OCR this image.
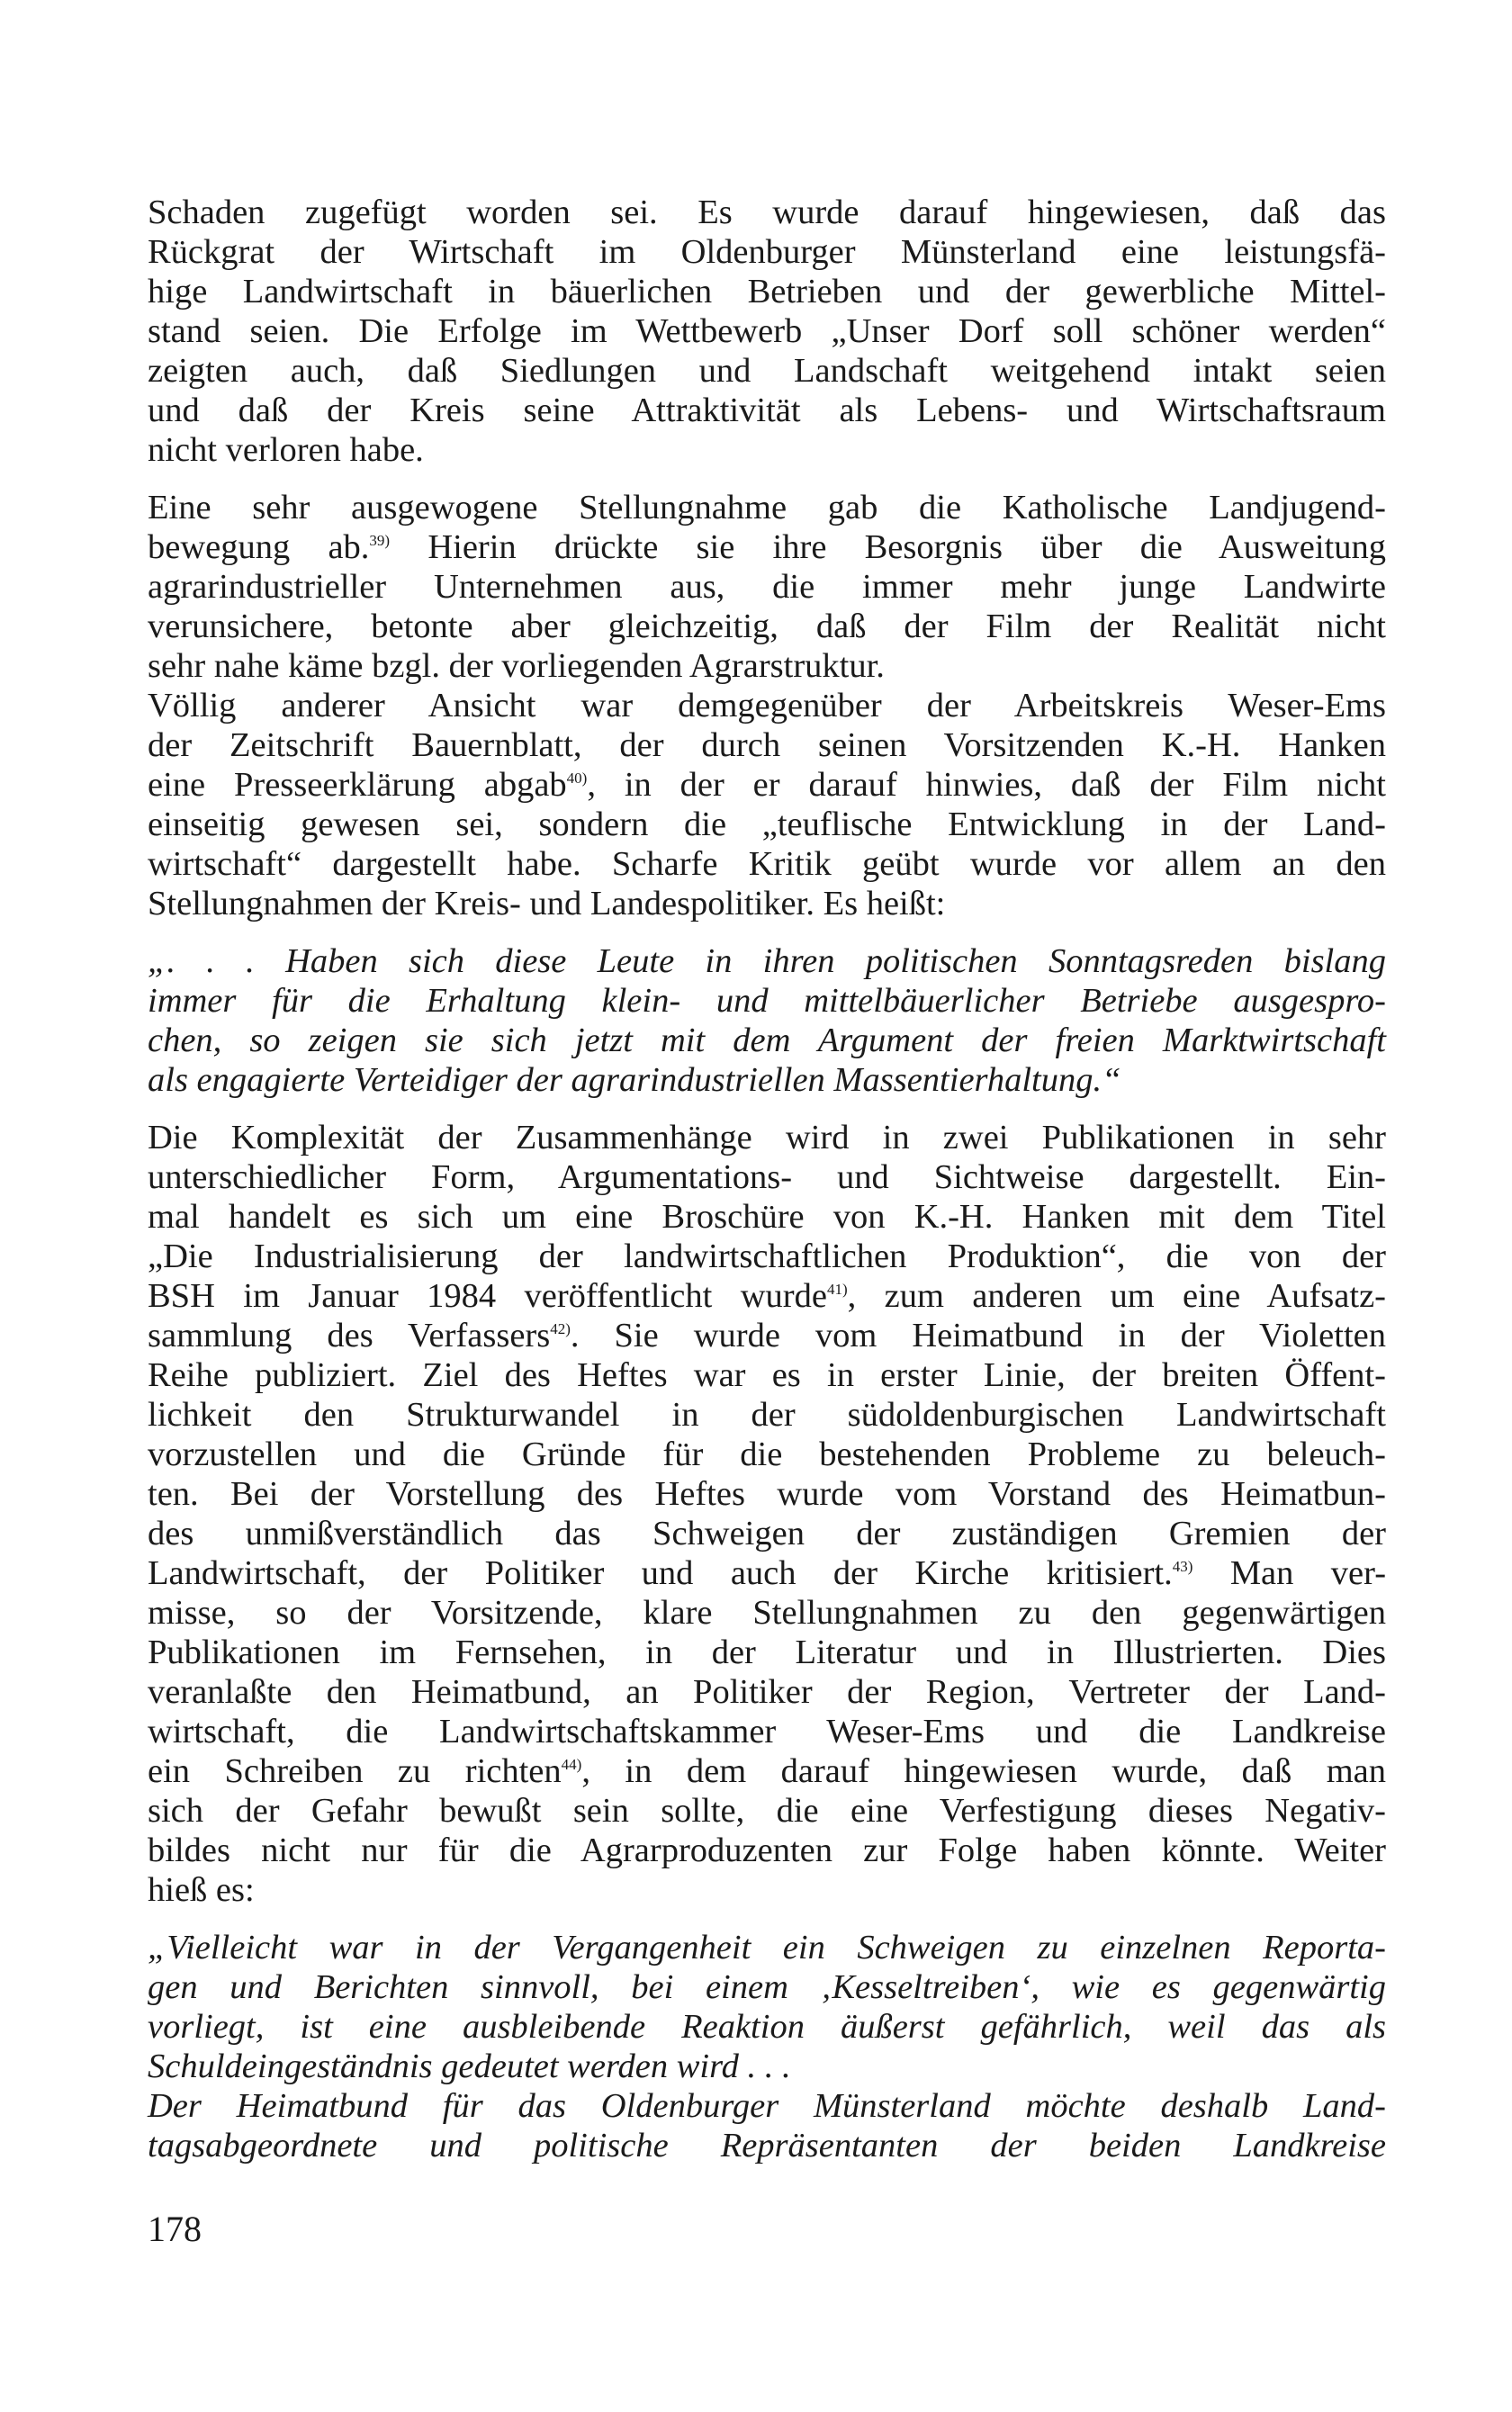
Schaden zugefügt worden sei. Es wurde darauf hingewiesen, daß das
Rückgrat der Wirtschaft im Oldenburger Münsterland eine leistungsfä-
hige Landwirtschaft in bäuerlichen Betrieben und der gewerbliche Mittel-
stand seien. Die Erfolge im Wettbewerb „Unser Dorf soll schöner werden“
zeigten auch, daß Siedlungen und Landschaft weitgehend intakt seien
und daß der Kreis seine Attraktivität als Lebens- und Wirtschaftsraum
nicht verloren habe.
Eine sehr ausgewogene Stellungnahme gab die Katholische Landjugend-
bewegung ab.$^{39)}$ Hierin drückte sie ihre Besorgnis über die Ausweitung
agrarindustrieller Unternehmen aus, die immer mehr junge Landwirte
verunsichere, betonte aber gleichzeitig, daß der Film der Realität nicht
sehr nahe käme bzgl. der vorliegenden Agrarstruktur.
Völlig anderer Ansicht war demgegenüber der Arbeitskreis Weser-Ems
der Zeitschrift Bauernblatt, der durch seinen Vorsitzenden K.-H. Hanken
eine Presseerklärung abgab$^{40)}$, in der er darauf hinwies, daß der Film nicht
einseitig gewesen sei, sondern die „teuflische Entwicklung in der Land-
wirtschaft“ dargestellt habe. Scharfe Kritik geübt wurde vor allem an den
Stellungnahmen der Kreis- und Landespolitiker. Es heißt:
„. . . Haben sich diese Leute in ihren politischen Sonntagsreden bislang
immer für die Erhaltung klein- und mittelbäuerlicher Betriebe ausgespro-
chen, so zeigen sie sich jetzt mit dem Argument der freien Marktwirtschaft
als engagierte Verteidiger der agrarindustriellen Massentierhaltung.“
Die Komplexität der Zusammenhänge wird in zwei Publikationen in sehr
unterschiedlicher Form, Argumentations- und Sichtweise dargestellt. Ein-
mal handelt es sich um eine Broschüre von K.-H. Hanken mit dem Titel
„Die Industrialisierung der landwirtschaftlichen Produktion“, die von der
BSH im Januar 1984 veröffentlicht wurde$^{41)}$, zum anderen um eine Aufsatz-
sammlung des Verfassers$^{42)}$. Sie wurde vom Heimatbund in der Violetten
Reihe publiziert. Ziel des Heftes war es in erster Linie, der breiten Öffent-
lichkeit den Strukturwandel in der südoldenburgischen Landwirtschaft
vorzustellen und die Gründe für die bestehenden Probleme zu beleuch-
ten. Bei der Vorstellung des Heftes wurde vom Vorstand des Heimatbun-
des unmißverständlich das Schweigen der zuständigen Gremien der
Landwirtschaft, der Politiker und auch der Kirche kritisiert.$^{43)}$ Man ver-
misse, so der Vorsitzende, klare Stellungnahmen zu den gegenwärtigen
Publikationen im Fernsehen, in der Literatur und in Illustrierten. Dies
veranlaßte den Heimatbund, an Politiker der Region, Vertreter der Land-
wirtschaft, die Landwirtschaftskammer Weser-Ems und die Landkreise
ein Schreiben zu richten$^{44)}$, in dem darauf hingewiesen wurde, daß man
sich der Gefahr bewußt sein sollte, die eine Verfestigung dieses Negativ-
bildes nicht nur für die Agrarproduzenten zur Folge haben könnte. Weiter
hieß es:
„Vielleicht war in der Vergangenheit ein Schweigen zu einzelnen Reporta-
gen und Berichten sinnvoll, bei einem ‚Kesseltreiben‘, wie es gegenwärtig
vorliegt, ist eine ausbleibende Reaktion äußerst gefährlich, weil das als
Schuldeingeständnis gedeutet werden wird . . .
Der Heimatbund für das Oldenburger Münsterland möchte deshalb Land-
tagsabgeordnete und politische Repräsentanten der beiden Landkreise
178
